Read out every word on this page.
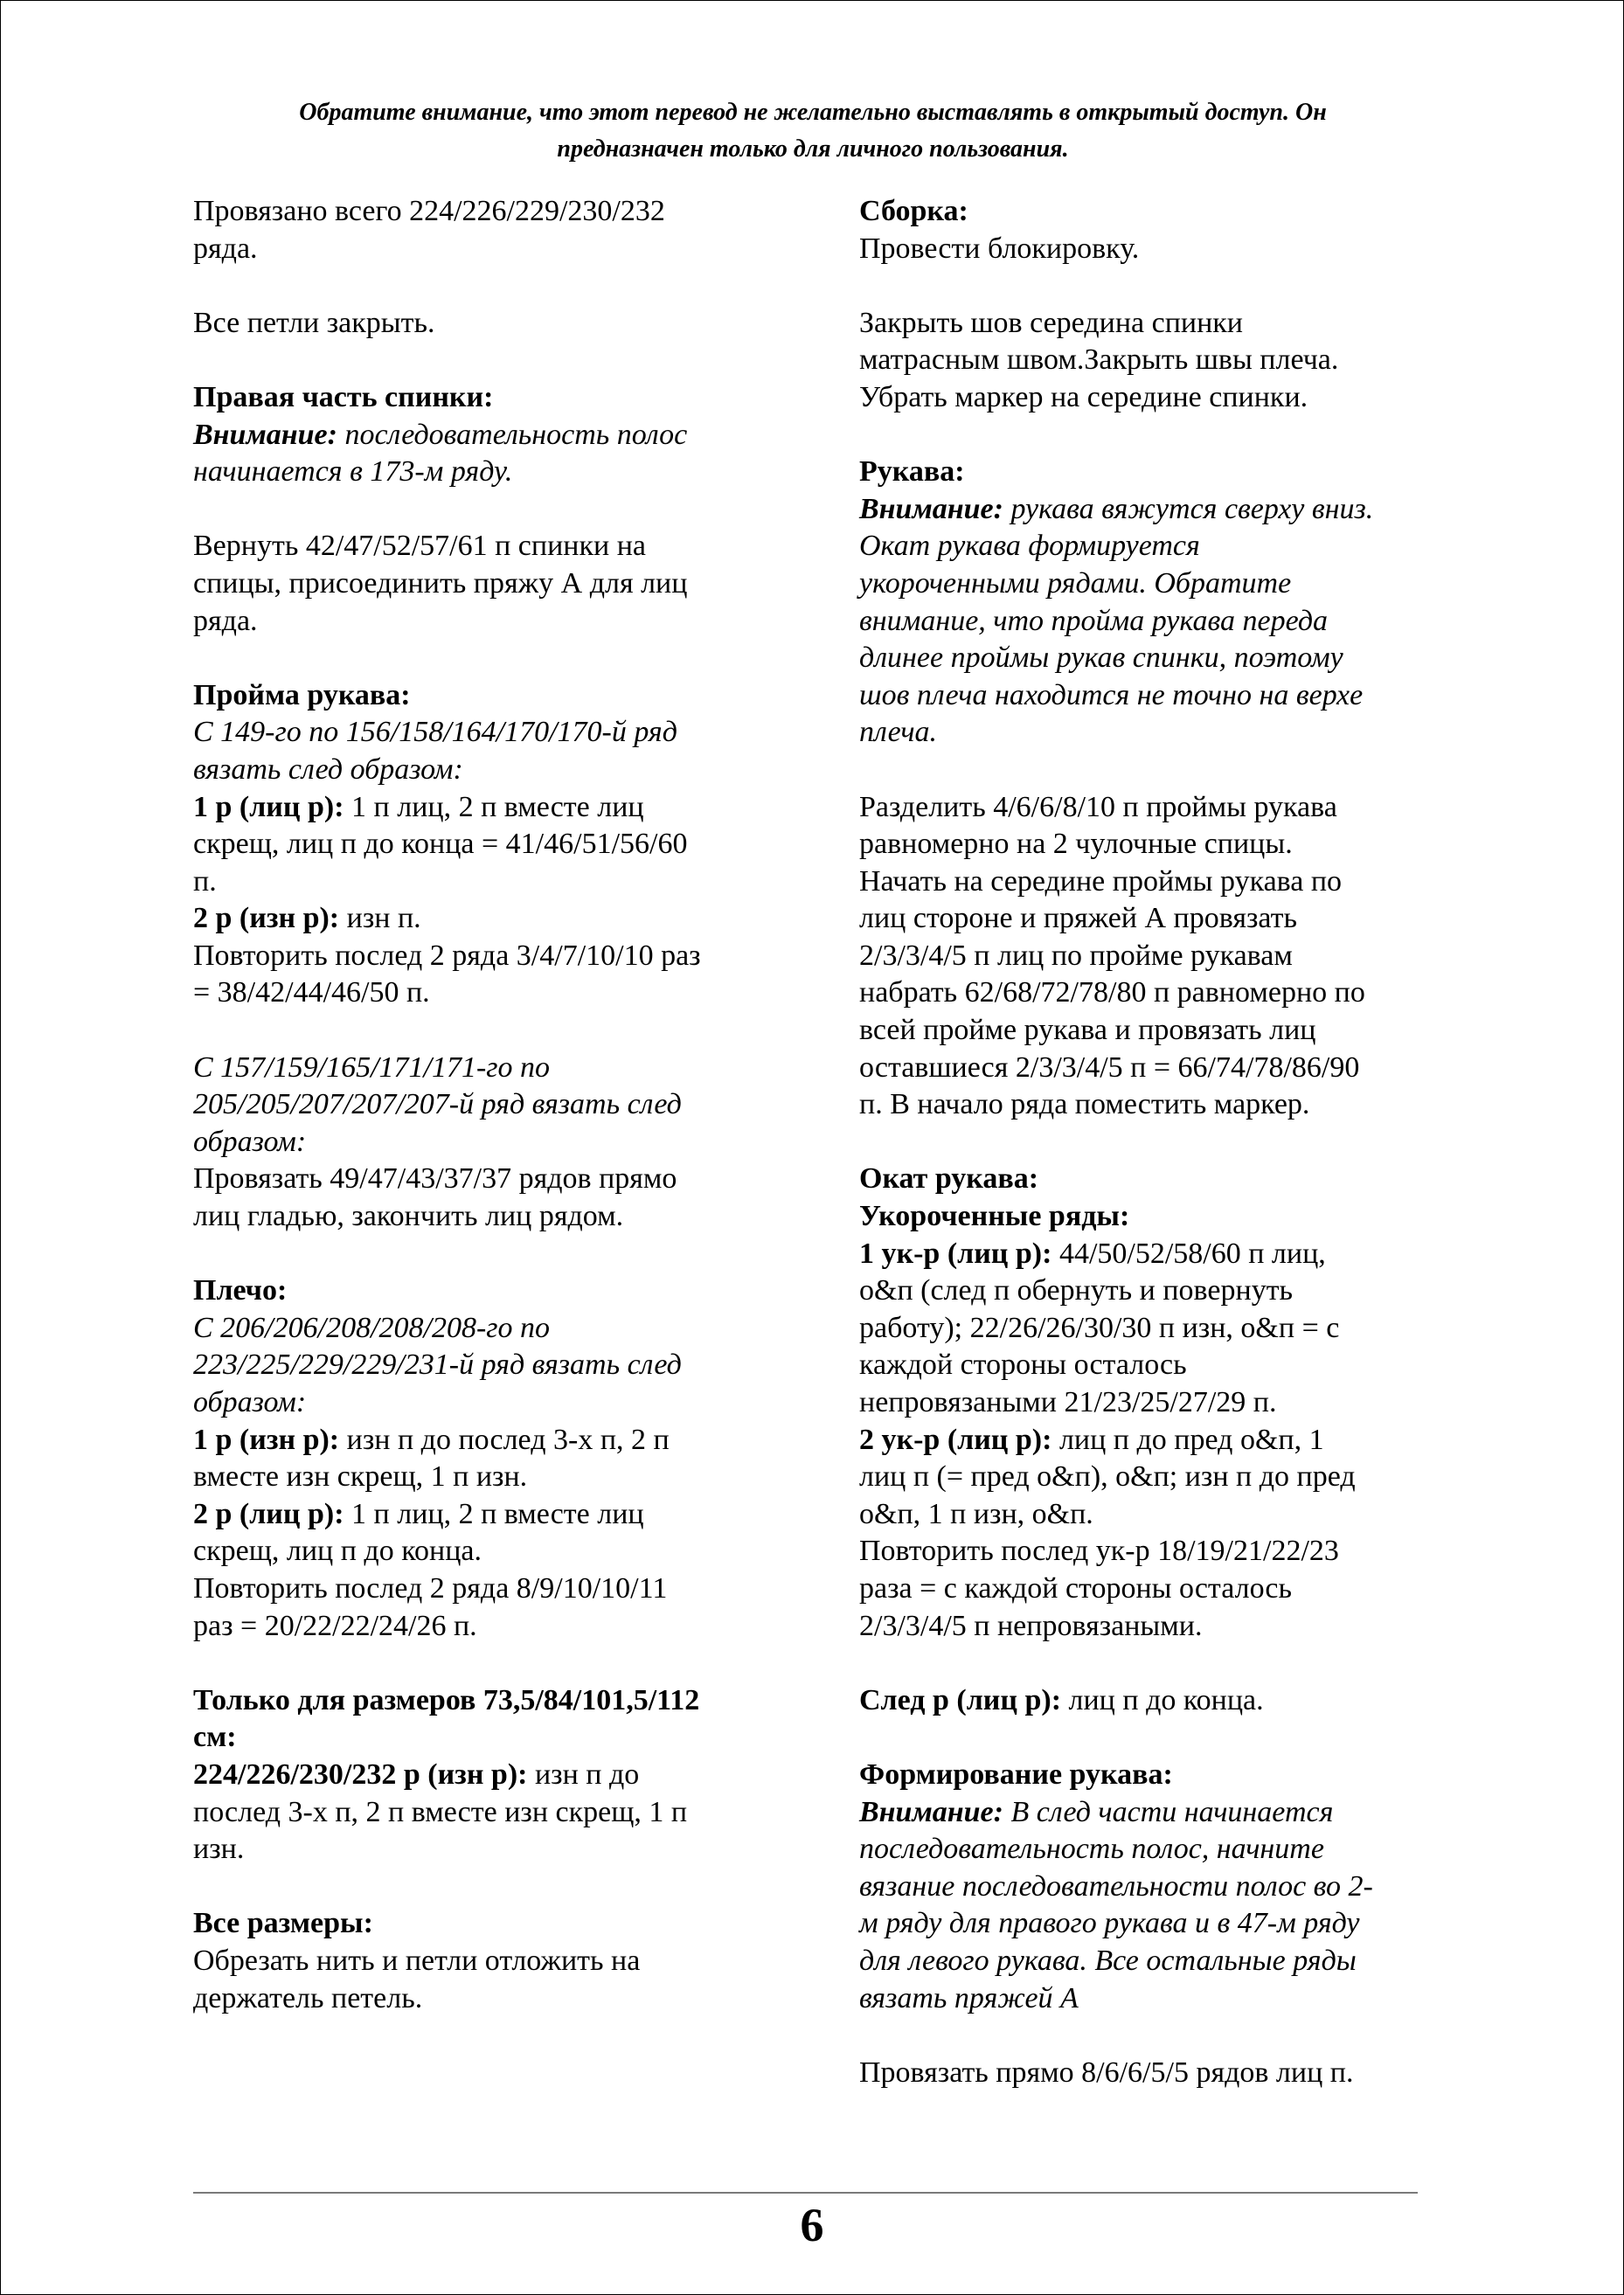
Обратите внимание, что этот перевод не желательно выставлять в открытый доступ. Он
предназначен только для личного пользования.
Провязано всего 224/226/229/230/232
ряда.
Все петли закрыть.
Правая часть спинки:
Внимание: последовательность полос
начинается в 173-м ряду.
Вернуть 42/47/52/57/61 п спинки на
спицы, присоединить пряжу А для лиц
ряда.
Пройма рукава:
С 149-го по 156/158/164/170/170-й ряд
вязать след образом:
1 р (лиц р): 1 п лиц, 2 п вместе лиц
скрещ, лиц п до конца = 41/46/51/56/60
п.
2 р (изн р): изн п.
Повторить послед 2 ряда 3/4/7/10/10 раз
= 38/42/44/46/50 п.
С 157/159/165/171/171-го по
205/205/207/207/207-й ряд вязать след
образом:
Провязать 49/47/43/37/37 рядов прямо
лиц гладью, закончить лиц рядом.
Плечо:
С 206/206/208/208/208-го по
223/225/229/229/231-й ряд вязать след
образом:
1 р (изн р): изн п до послед 3-х п, 2 п
вместе изн скрещ, 1 п изн.
2 р (лиц р): 1 п лиц, 2 п вместе лиц
скрещ, лиц п до конца.
Повторить послед 2 ряда 8/9/10/10/11
раз = 20/22/22/24/26 п.
Только для размеров 73,5/84/101,5/112
см:
224/226/230/232 р (изн р): изн п до
послед 3-х п, 2 п вместе изн скрещ, 1 п
изн.
Все размеры:
Обрезать нить и петли отложить на
держатель петель.
Сборка:
Провести блокировку.
Закрыть шов середина спинки
матрасным швом.Закрыть швы плеча.
Убрать маркер на середине спинки.
Рукава:
Внимание: рукава вяжутся сверху вниз.
Окат рукава формируется
укороченными рядами. Обратите
внимание, что пройма рукава переда
длинее проймы рукав спинки, поэтому
шов плеча находится не точно на верхе
плеча.
Разделить 4/6/6/8/10 п проймы рукава
равномерно на 2 чулочные спицы.
Начать на середине проймы рукава по
лиц стороне и пряжей А провязать
2/3/3/4/5 п лиц по пройме рукавам
набрать 62/68/72/78/80 п равномерно по
всей пройме рукава и провязать лиц
оставшиеся 2/3/3/4/5 п = 66/74/78/86/90
п. В начало ряда поместить маркер.
Окат рукава:
Укороченные ряды:
1 ук-р (лиц р): 44/50/52/58/60 п лиц,
о&п (след п обернуть и повернуть
работу); 22/26/26/30/30 п изн, о&п = с
каждой стороны осталось
непровязаными 21/23/25/27/29 п.
2 ук-р (лиц р): лиц п до пред о&п, 1
лиц п (= пред о&п), о&п; изн п до пред
о&п, 1 п изн, о&п.
Повторить послед ук-р 18/19/21/22/23
раза = с каждой стороны осталось
2/3/3/4/5 п непровязаными.
След р (лиц р): лиц п до конца.
Формирование рукава:
Внимание: В след части начинается
последовательность полос, начните
вязание последовательности полос во 2-
м ряду для правого рукава и в 47-м ряду
для левого рукава. Все остальные ряды
вязать пряжей А
Провязать прямо 8/6/6/5/5 рядов лиц п.
6
